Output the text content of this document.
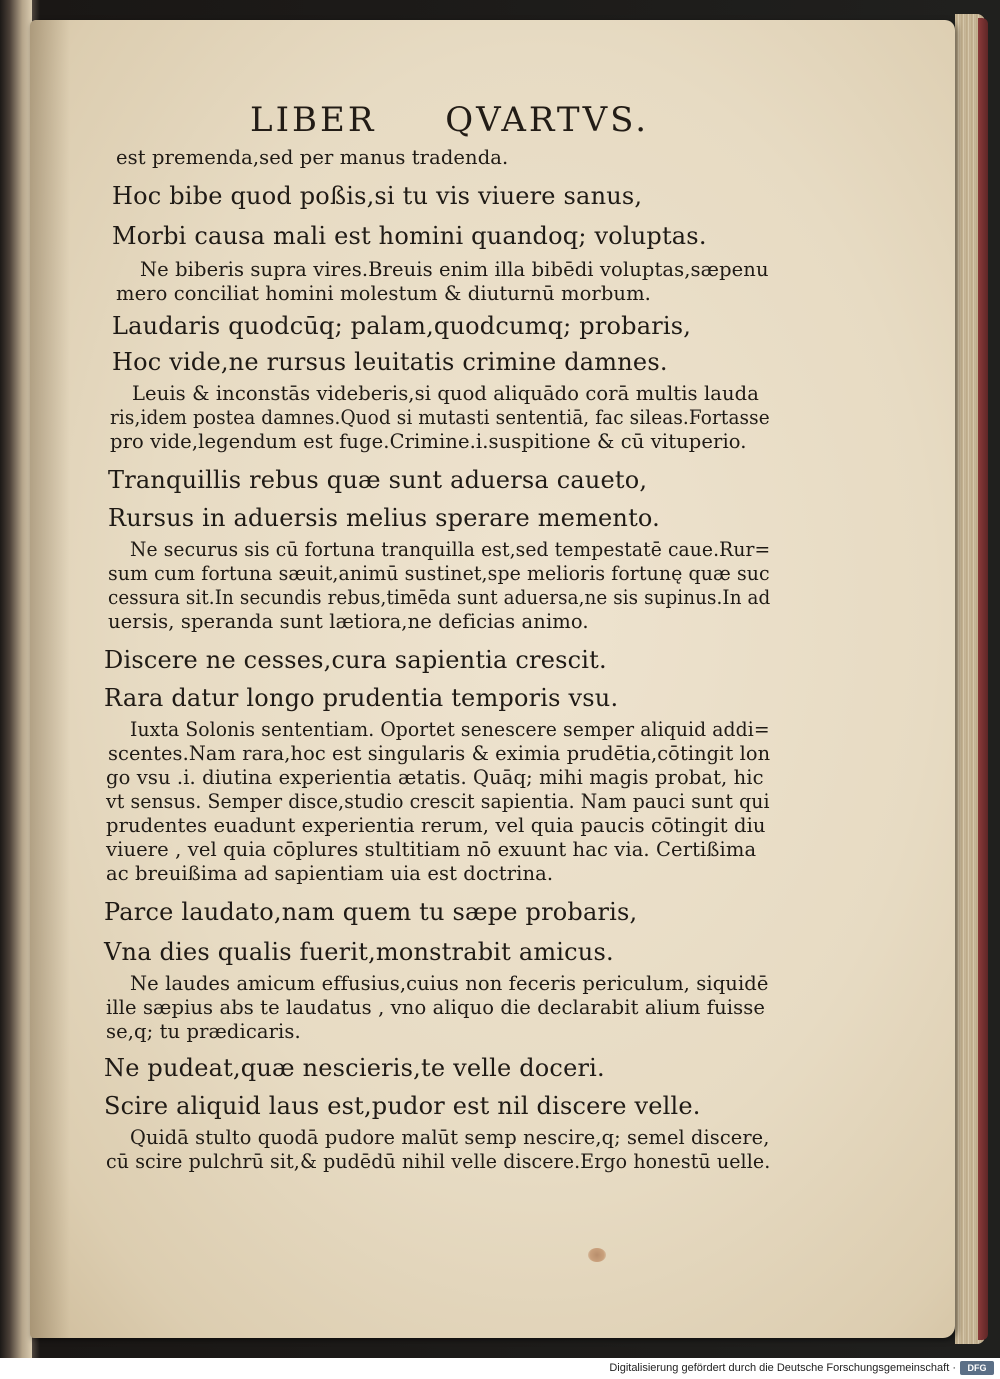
LIBER QVARTVS.
est premenda,sed per manus tradenda.
Hoc bibe quod poßis,si tu vis viuere sanus,
Morbi causa mali est homini quandoq; voluptas.
Ne biberis supra vires.Breuis enim illa bibēdi voluptas,sæpenu
mero conciliat homini molestum & diuturnū morbum.
Laudaris quodcūq; palam,quodcumq; probaris,
Hoc vide,ne rursus leuitatis crimine damnes.
Leuis & inconstās videberis,si quod aliquādo corā multis lauda
ris,idem postea damnes.Quod si mutasti sententiā, fac sileas.Fortasse
pro vide,legendum est fuge.Crimine.i.suspitione & cū vituperio.
Tranquillis rebus quæ sunt aduersa caueto,
Rursus in aduersis melius sperare memento.
Ne securus sis cū fortuna tranquilla est,sed tempestatē caue.Rur=
sum cum fortuna sæuit,animū sustinet,spe melioris fortunę quæ suc
cessura sit.In secundis rebus,timēda sunt aduersa,ne sis supinus.In ad
uersis, speranda sunt lætiora,ne deficias animo.
Discere ne cesses,cura sapientia crescit.
Rara datur longo prudentia temporis vsu.
Iuxta Solonis sententiam. Oportet senescere semper aliquid addi=
scentes.Nam rara,hoc est singularis & eximia prudētia,cōtingit lon
go vsu .i. diutina experientia ætatis. Quāq; mihi magis probat, hic
vt sensus. Semper disce,studio crescit sapientia. Nam pauci sunt qui
prudentes euadunt experientia rerum, vel quia paucis cōtingit diu
viuere , vel quia cōplures stultitiam nō exuunt hac via. Certißima
ac breuißima ad sapientiam uia est doctrina.
Parce laudato,nam quem tu sæpe probaris,
Vna dies qualis fuerit,monstrabit amicus.
Ne laudes amicum effusius,cuius non feceris periculum, siquidē
ille sæpius abs te laudatus , vno aliquo die declarabit alium fuisse
se,q; tu prædicaris.
Ne pudeat,quæ nescieris,te velle doceri.
Scire aliquid laus est,pudor est nil discere velle.
Quidā stulto quodā pudore malūt semp nescire,q; semel discere,
cū scire pulchrū sit,& pudēdū nihil velle discere.Ergo honestū uelle.
Digitalisierung gefördert durch die Deutsche Forschungsgemeinschaft ·	DFG
